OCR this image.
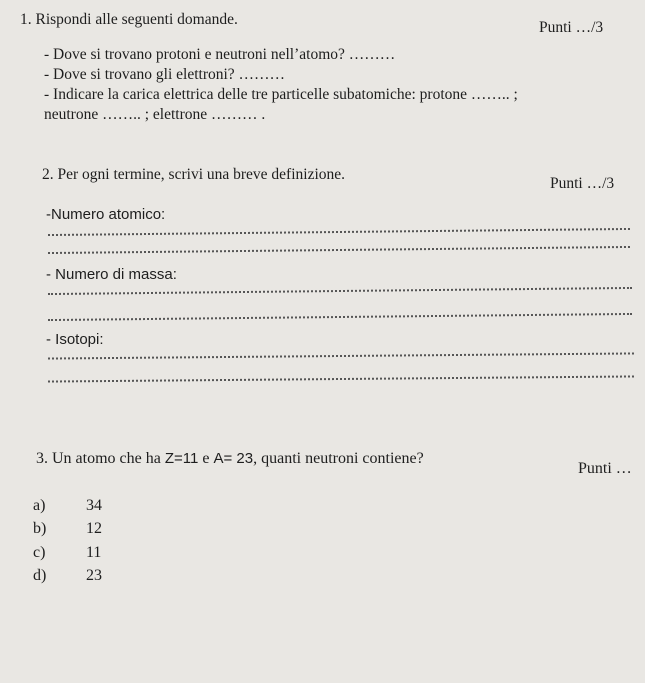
1. Rispondi alle seguenti domande.	Punti …/3
- Dove si trovano protoni e neutroni nell’atomo? ………
- Dove si trovano gli elettroni? ………
- Indicare la carica elettrica delle tre particelle subatomiche: protone …….. ;
neutrone …….. ; elettrone ……… .
2. Per ogni termine, scrivi una breve definizione.
Punti …/3
-Numero atomico:
- Numero di massa:
- Isotopi:
3. Un atomo che ha Z=11 e A= 23, quanti neutroni contiene?
Punti …
a)	34
b) 12
c)	11
d) 23
